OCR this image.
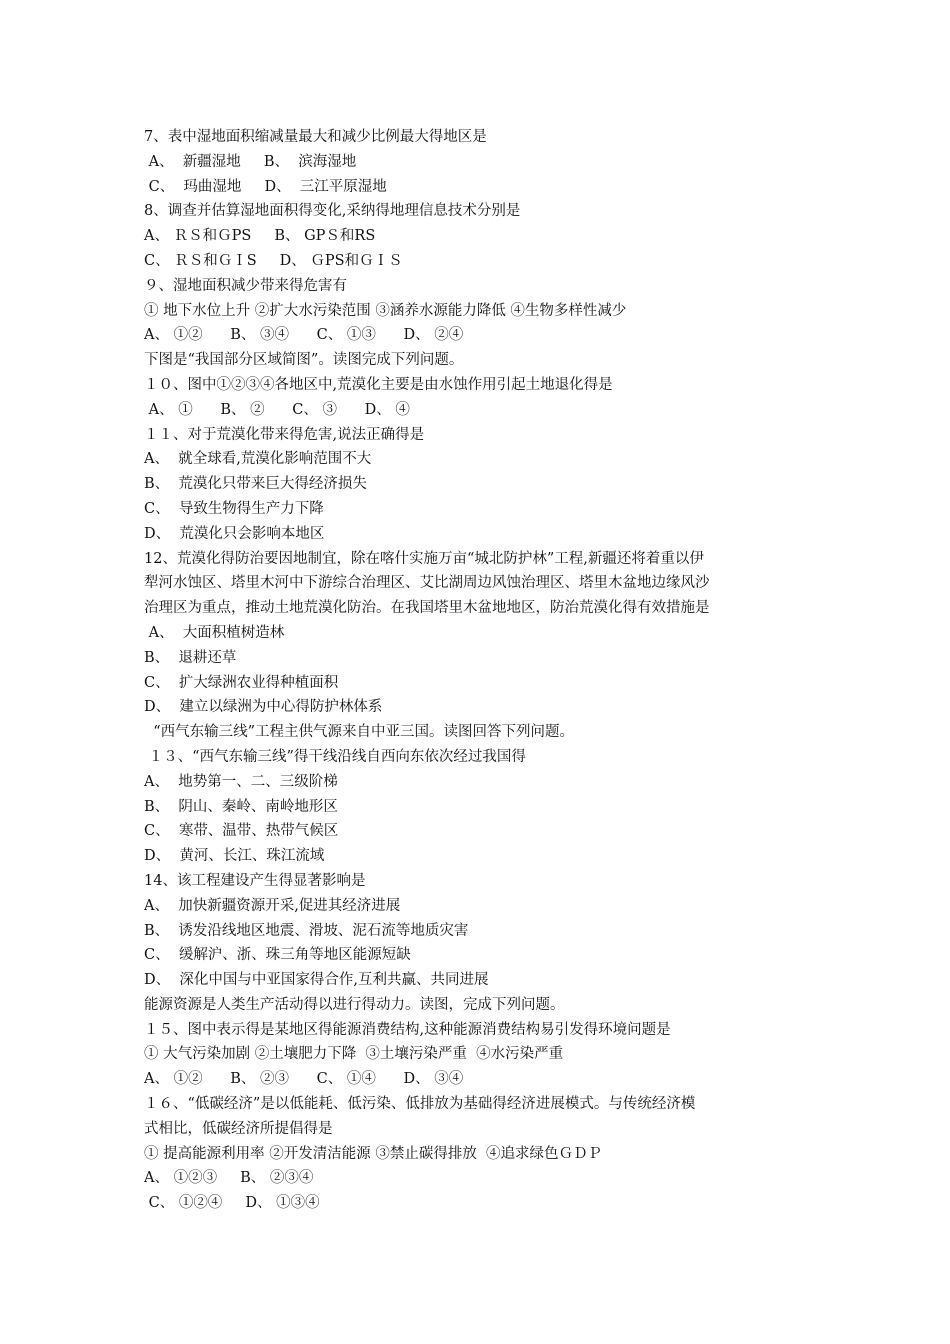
7、表中湿地面积缩减量最大和减少比例最大得地区是
A、  新疆湿地     B、  滨海湿地
C、  玛曲湿地     D、  三江平原湿地
8、调查并估算湿地面积得变化,采纳得地理信息技术分别是
A、 ＲＳ和ＧPS     B、 GPＳ和RS
C、 ＲＳ和ＧＩS     D、 ＧPS和ＧＩＳ
９、湿地面积减少带来得危害有
① 地下水位上升 ②扩大水污染范围 ③涵养水源能力降低 ④生物多样性减少
A、 ①②      B、 ③④      C、 ①③      D、 ②④
下图是“我国部分区域简图”。读图完成下列问题。
１０、图中①②③④各地区中,荒漠化主要是由水蚀作用引起土地退化得是
A、 ①      B、 ②      C、 ③      D、 ④
１１、对于荒漠化带来得危害,说法正确得是
A、  就全球看,荒漠化影响范围不大
B、  荒漠化只带来巨大得经济损失
C、  导致生物得生产力下降
D、  荒漠化只会影响本地区
12、荒漠化得防治要因地制宜，除在喀什实施万亩“城北防护林”工程,新疆还将着重以伊
犁河水蚀区、塔里木河中下游综合治理区、艾比湖周边风蚀治理区、塔里木盆地边缘风沙
治理区为重点，推动土地荒漠化防治。在我国塔里木盆地地区，防治荒漠化得有效措施是
A、  大面积植树造林
B、  退耕还草
C、  扩大绿洲农业得种植面积
D、  建立以绿洲为中心得防护林体系
“西气东输三线”工程主供气源来自中亚三国。读图回答下列问题。
１３、“西气东输三线”得干线沿线自西向东依次经过我国得
A、  地势第一、二、三级阶梯
B、  阴山、秦岭、南岭地形区
C、  寒带、温带、热带气候区
D、  黄河、长江、珠江流域
14、该工程建设产生得显著影响是
A、  加快新疆资源开采,促进其经济进展
B、  诱发沿线地区地震、滑坡、泥石流等地质灾害
C、  缓解沪、浙、珠三角等地区能源短缺
D、  深化中国与中亚国家得合作,互利共赢、共同进展
能源资源是人类生产活动得以进行得动力。读图，完成下列问题。
１５、图中表示得是某地区得能源消费结构,这种能源消费结构易引发得环境问题是
① 大气污染加剧 ②土壤肥力下降  ③土壤污染严重  ④水污染严重
A、 ①②      B、 ②③      C、 ①④      D、 ③④
１６、“低碳经济”是以低能耗、低污染、低排放为基础得经济进展模式。与传统经济模
式相比，低碳经济所提倡得是
① 提高能源利用率 ②开发清洁能源 ③禁止碳得排放  ④追求绿色ＧＤＰ
A、 ①②③     B、 ②③④
C、 ①②④     D、 ①③④
